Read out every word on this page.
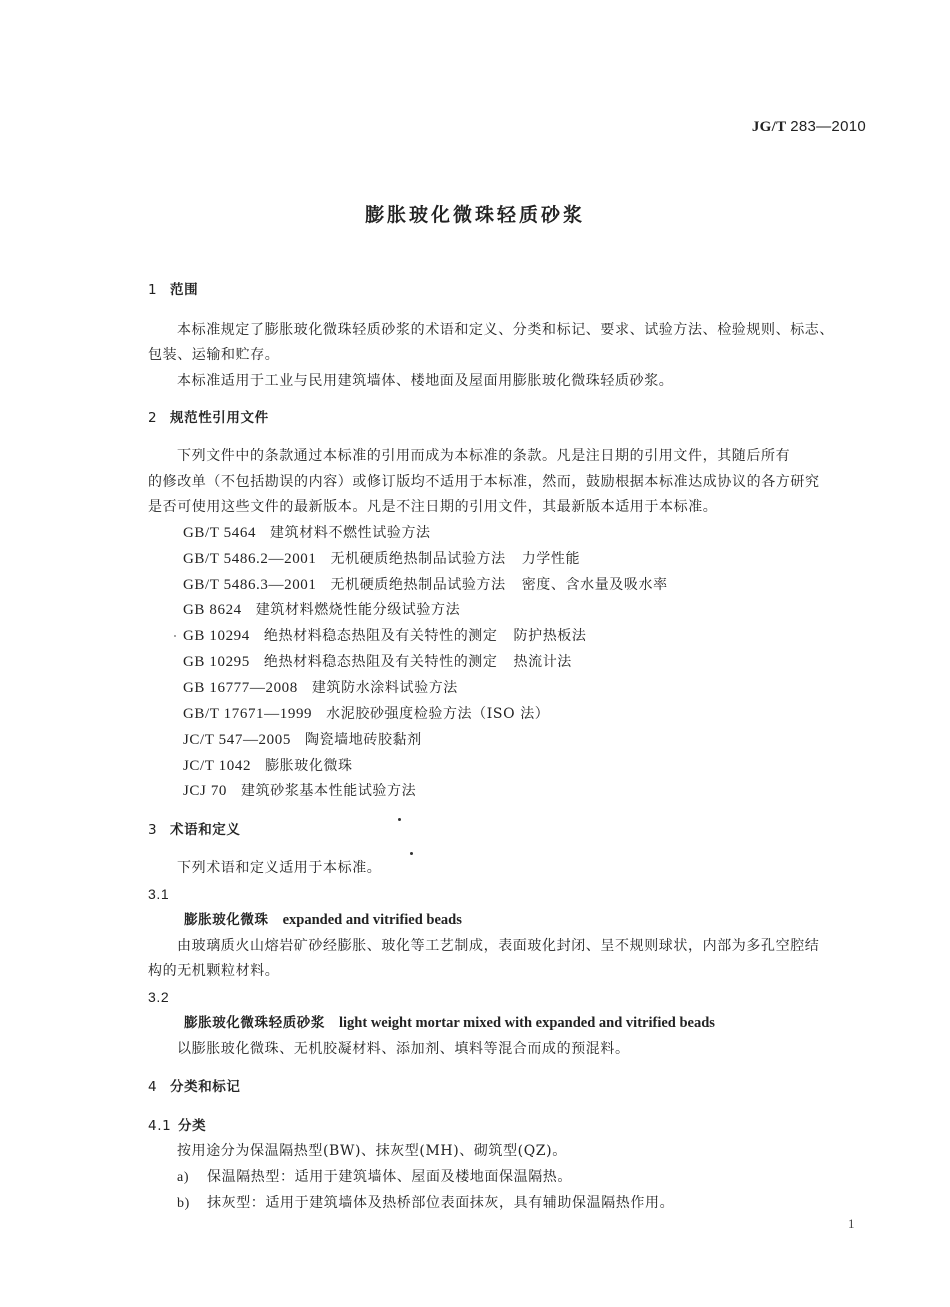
JG/T 283—2010
膨胀玻化微珠轻质砂浆
1 范围
本标准规定了膨胀玻化微珠轻质砂浆的术语和定义、分类和标记、要求、试验方法、检验规则、标志、
包装、运输和贮存。
本标准适用于工业与民用建筑墙体、楼地面及屋面用膨胀玻化微珠轻质砂浆。
2 规范性引用文件
下列文件中的条款通过本标准的引用而成为本标准的条款。凡是注日期的引用文件，其随后所有
的修改单（不包括勘误的内容）或修订版均不适用于本标准，然而，鼓励根据本标准达成协议的各方研究
是否可使用这些文件的最新版本。凡是不注日期的引用文件，其最新版本适用于本标准。
GB/T 5464 建筑材料不燃性试验方法
GB/T 5486.2—2001 无机硬质绝热制品试验方法 力学性能
GB/T 5486.3—2001 无机硬质绝热制品试验方法 密度、含水量及吸水率
GB 8624 建筑材料燃烧性能分级试验方法
GB 10294 绝热材料稳态热阻及有关特性的测定 防护热板法
GB 10295 绝热材料稳态热阻及有关特性的测定 热流计法
GB 16777—2008 建筑防水涂料试验方法
GB/T 17671—1999 水泥胶砂强度检验方法（ISO 法）
JC/T 547—2005 陶瓷墙地砖胶黏剂
JC/T 1042 膨胀玻化微珠
JCJ 70 建筑砂浆基本性能试验方法
3 术语和定义
下列术语和定义适用于本标准。
3.1
膨胀玻化微珠 expanded and vitrified beads
由玻璃质火山熔岩矿砂经膨胀、玻化等工艺制成，表面玻化封闭、呈不规则球状，内部为多孔空腔结
构的无机颗粒材料。
3.2
膨胀玻化微珠轻质砂浆 light weight mortar mixed with expanded and vitrified beads
以膨胀玻化微珠、无机胶凝材料、添加剂、填料等混合而成的预混料。
4 分类和标记
4.1 分类
按用途分为保温隔热型(BW)、抹灰型(MH)、砌筑型(QZ)。
a) 保温隔热型：适用于建筑墙体、屋面及楼地面保温隔热。
b) 抹灰型：适用于建筑墙体及热桥部位表面抹灰，具有辅助保温隔热作用。
1
